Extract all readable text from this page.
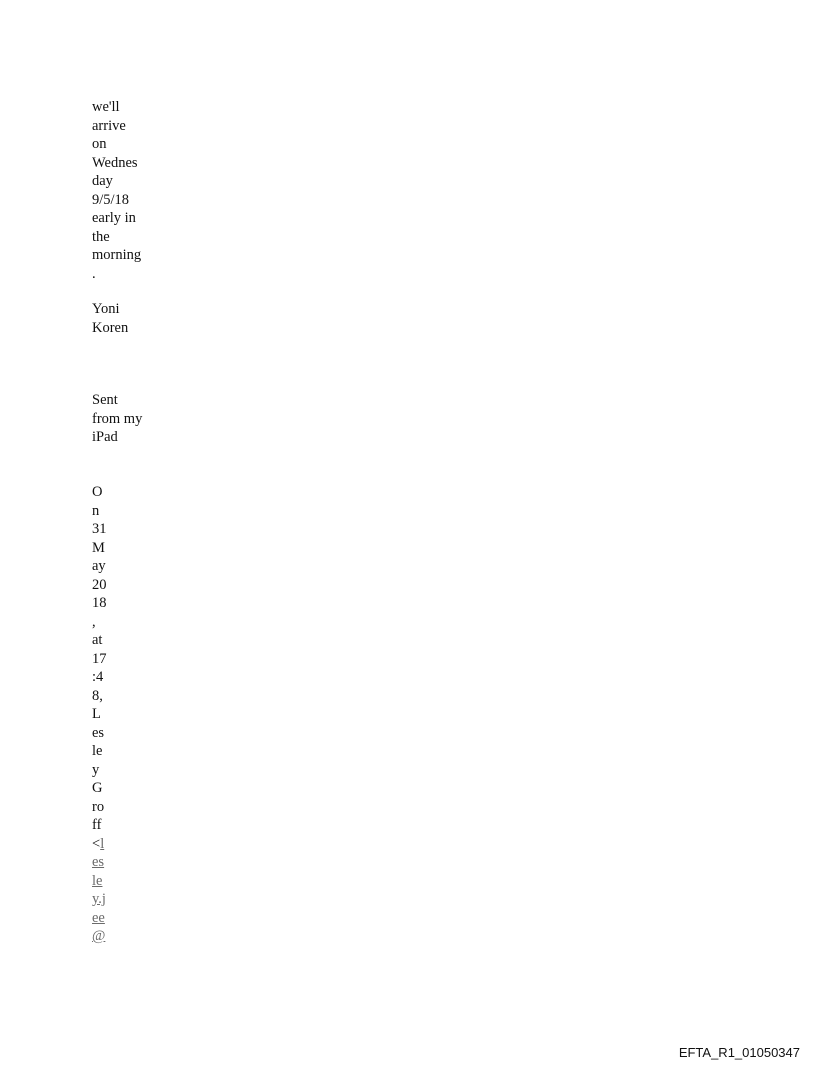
we'll
arrive
on
Wednes
day
9/5/18
early in
the
morning
.
Yoni
Koren
Sent
from my
iPad
O
n
31
M
ay
20
18
,
at
17
:4
8,
L
es
le
y
G
ro
ff
<l
es
le
y.j
ee
@
EFTA_R1_01050347
